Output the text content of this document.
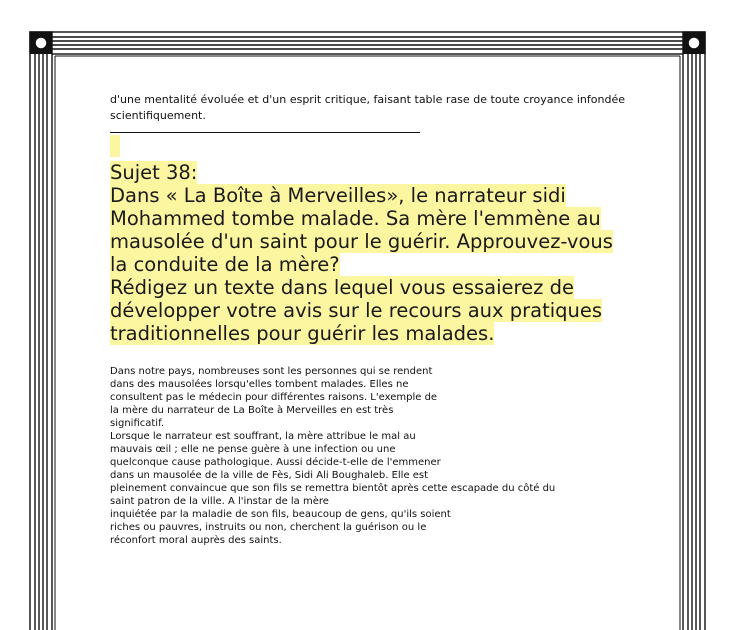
d'une mentalité évoluée et d'un esprit critique, faisant table rase de toute croyance infondée scientifiquement.

Sujet 38:

Dans « La Boîte à Merveilles», le narrateur sidi

Mohammed tombe malade. Sa mère l'emmène au

mausolée d'un saint pour le guérir. Approuvez-vous

la conduite de la mère?

Rédigez un texte dans lequel vous essaierez de

développer votre avis sur le recours aux pratiques

traditionnelles pour guérir les malades.

Dans notre pays, nombreuses sont les personnes qui se rendent

dans des mausolées lorsqu'elles tombent malades. Elles ne

consultent pas le médecin pour différentes raisons. L'exemple de

la mère du narrateur de La Boîte à Merveilles en est très

significatif.

Lorsque le narrateur est souffrant, la mère attribue le mal au

mauvais œil ; elle ne pense guère à une infection ou une

quelconque cause pathologique. Aussi décide-t-elle de l'emmener

dans un mausolée de la ville de Fès, Sidi Ali Boughaleb. Elle est

pleinement convaincue que son fils se remettra bientôt après cette escapade du côté du

saint patron de la ville. A l'instar de la mère

inquiétée par la maladie de son fils, beaucoup de gens, qu'ils soient

riches ou pauvres, instruits ou non, cherchent la guérison ou le

réconfort moral auprès des saints.
